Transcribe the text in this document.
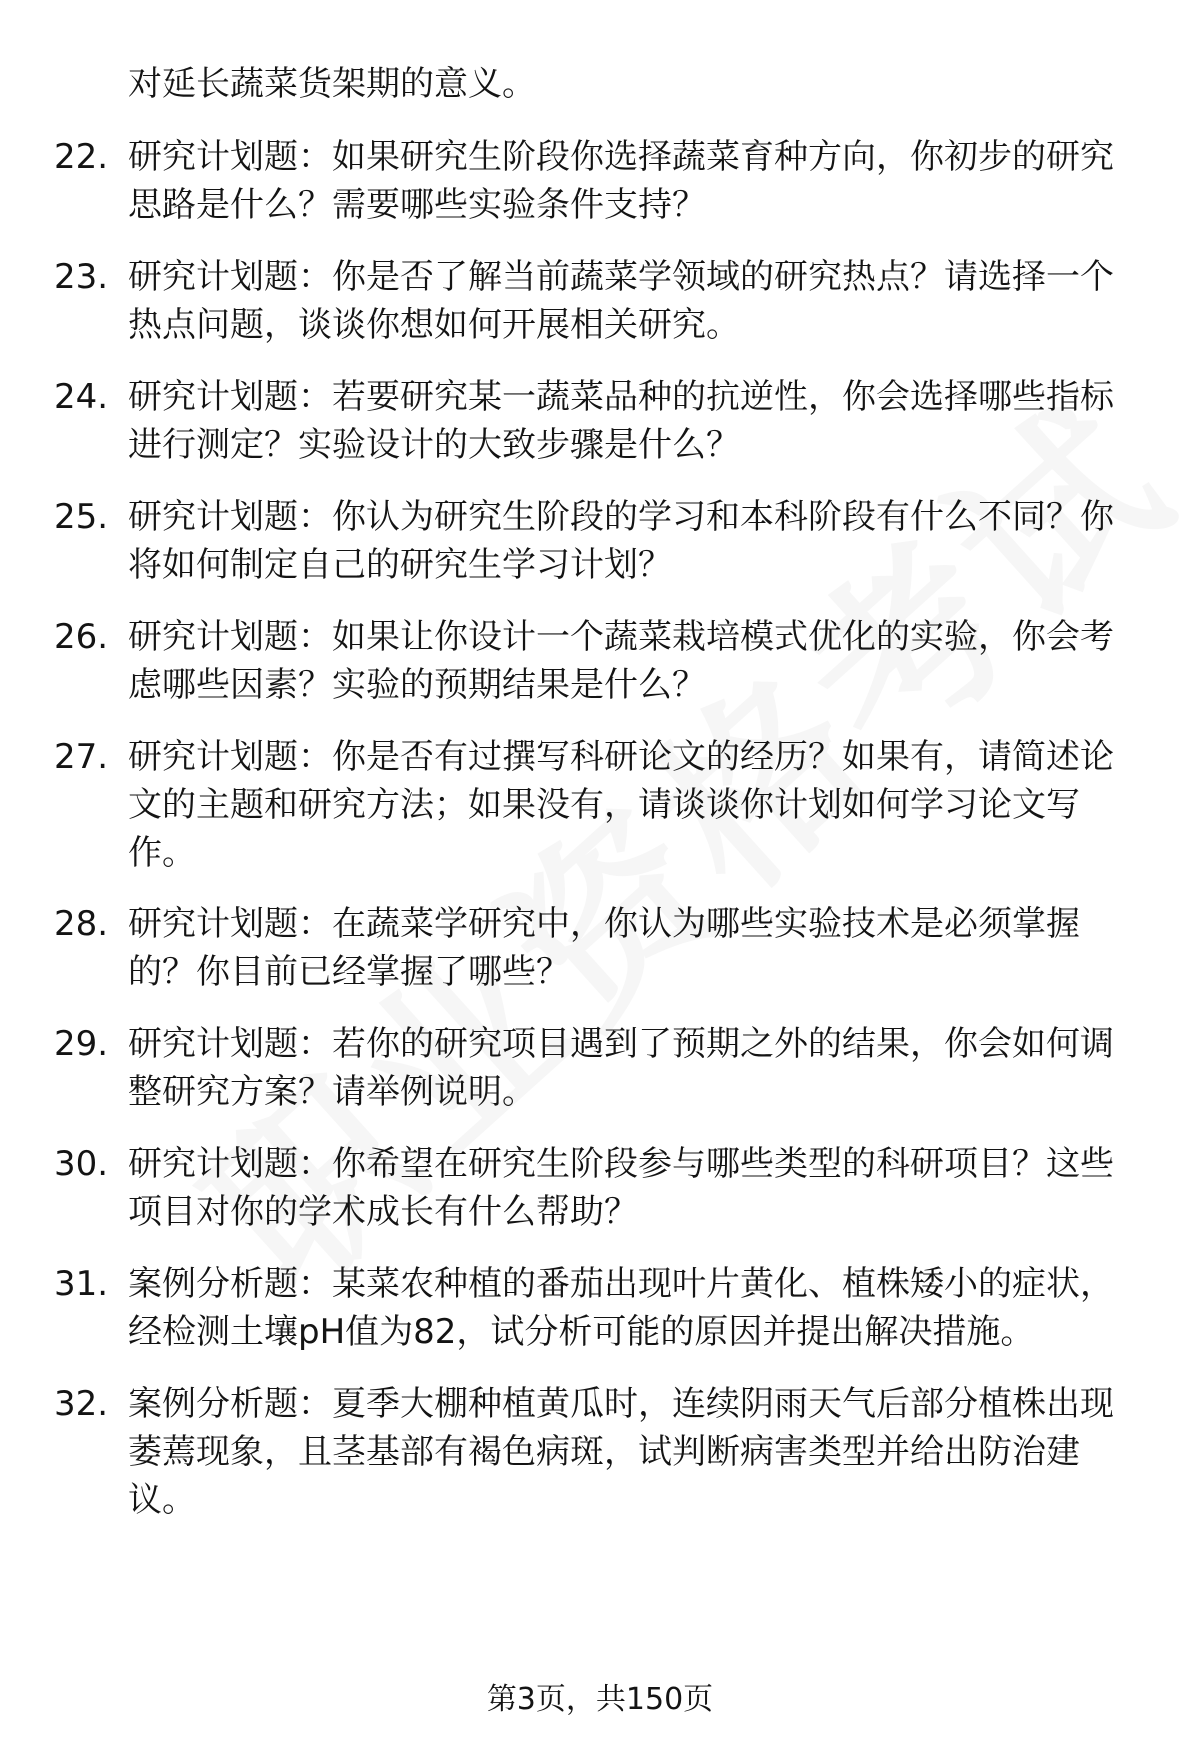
对延长蔬菜货架期的意义。
22. 研究计划题：如果研究生阶段你选择蔬菜育种方向，你初步的研究思路是什么？需要哪些实验条件支持？
23. 研究计划题：你是否了解当前蔬菜学领域的研究热点？请选择一个热点问题，谈谈你想如何开展相关研究。
24. 研究计划题：若要研究某一蔬菜品种的抗逆性，你会选择哪些指标进行测定？实验设计的大致步骤是什么？
25. 研究计划题：你认为研究生阶段的学习和本科阶段有什么不同？你将如何制定自己的研究生学习计划？
26. 研究计划题：如果让你设计一个蔬菜栽培模式优化的实验，你会考虑哪些因素？实验的预期结果是什么？
27. 研究计划题：你是否有过撰写科研论文的经历？如果有，请简述论文的主题和研究方法；如果没有，请谈谈你计划如何学习论文写作。
28. 研究计划题：在蔬菜学研究中，你认为哪些实验技术是必须掌握的？你目前已经掌握了哪些？
29. 研究计划题：若你的研究项目遇到了预期之外的结果，你会如何调整研究方案？请举例说明。
30. 研究计划题：你希望在研究生阶段参与哪些类型的科研项目？这些项目对你的学术成长有什么帮助？
31. 案例分析题：某菜农种植的番茄出现叶片黄化、植株矮小的症状，经检测土壤pH值为82，试分析可能的原因并提出解决措施。
32. 案例分析题：夏季大棚种植黄瓜时，连续阴雨天气后部分植株出现萎蔫现象，且茎基部有褐色病斑，试判断病害类型并给出防治建议。
第3页，共150页
